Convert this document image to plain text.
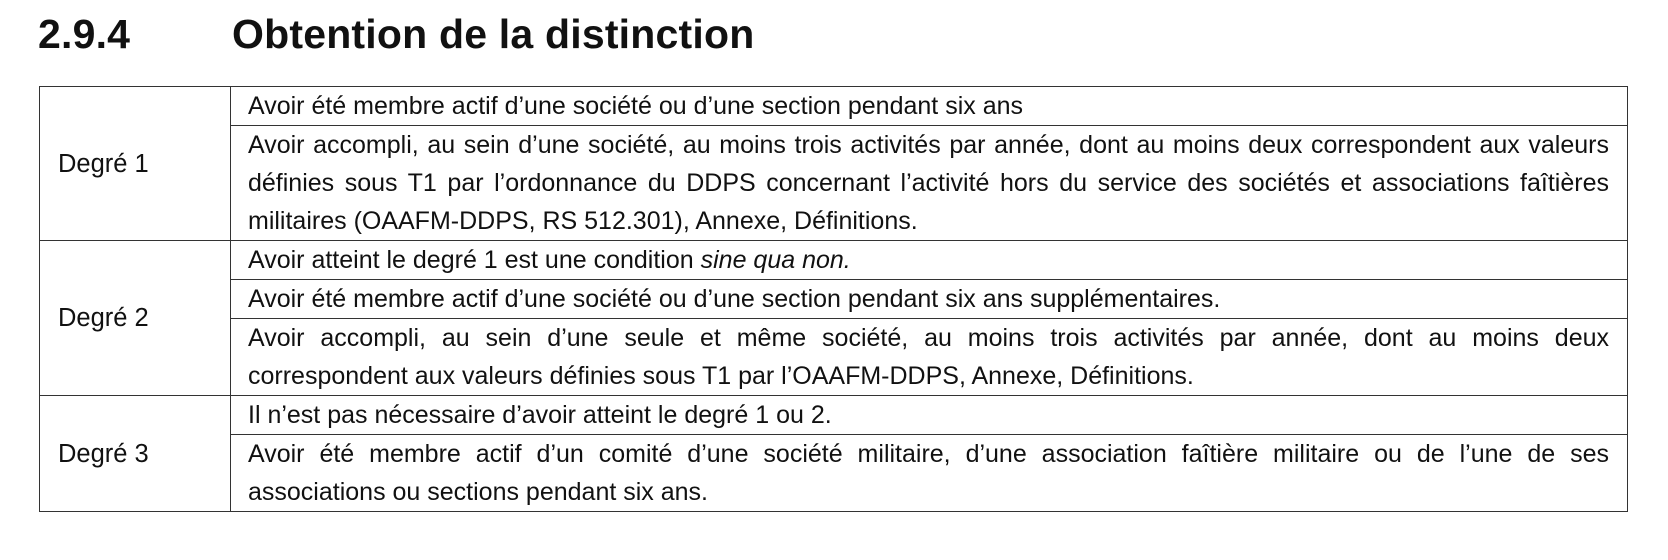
2.9.4	Obtention de la distinction
Degré 1	Avoir été membre actif d’une société ou d’une section pendant six ans
	Avoir accompli, au sein d’une société, au moins trois activités par année, dont au moins deux correspondent aux valeurs définies sous T1 par l’ordonnance du DDPS concernant l’activité hors du service des sociétés et associations faîtières militaires (OAAFM-DDPS, RS 512.301), Annexe, Définitions.
Degré 2	Avoir atteint le degré 1 est une condition sine qua non.
	Avoir été membre actif d’une société ou d’une section pendant six ans supplémentaires.
	Avoir accompli, au sein d’une seule et même société, au moins trois activités par année, dont au moins deux correspondent aux valeurs définies sous T1 par l’OAAFM-DDPS, Annexe, Définitions.
Degré 3	Il n’est pas nécessaire d’avoir atteint le degré 1 ou 2.
	Avoir été membre actif d’un comité d’une société militaire, d’une association faîtière militaire ou de l’une de ses associations ou sections pendant six ans.
